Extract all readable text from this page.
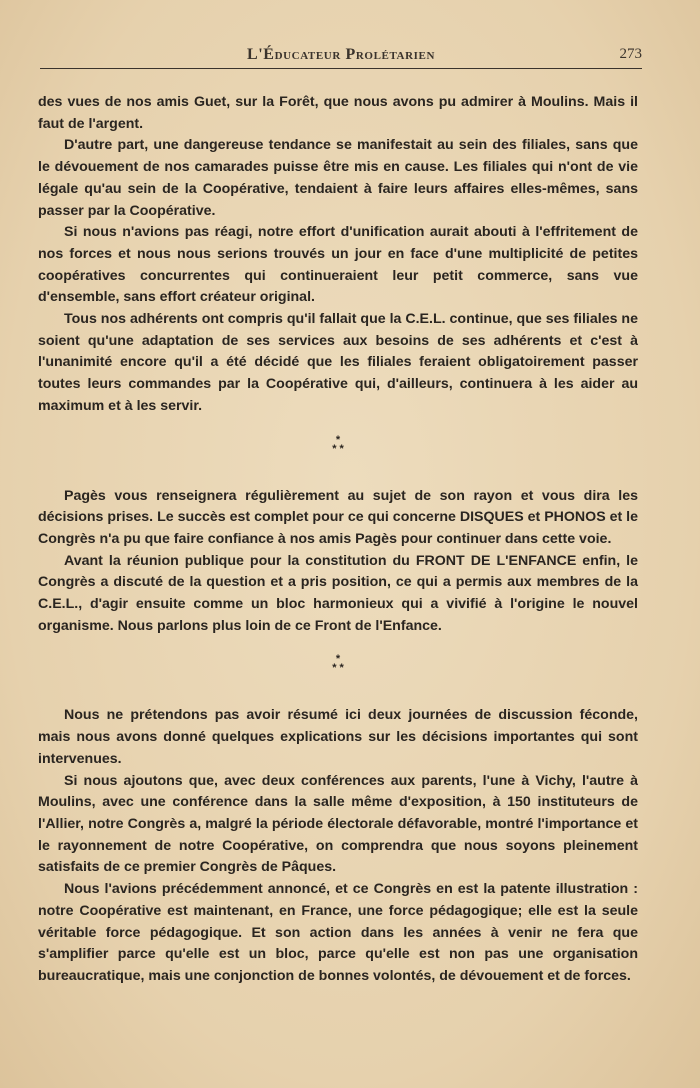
L'Éducateur Prolétarien	273

des vues de nos amis Guet, sur la Forêt, que nous avons pu admirer à Moulins. Mais il faut de l'argent.

D'autre part, une dangereuse tendance se manifestait au sein des filiales, sans que le dévouement de nos camarades puisse être mis en cause. Les filiales qui n'ont de vie légale qu'au sein de la Coopérative, tendaient à faire leurs affaires elles-mêmes, sans passer par la Coopérative.

Si nous n'avions pas réagi, notre effort d'unification aurait abouti à l'effritement de nos forces et nous nous serions trouvés un jour en face d'une multiplicité de petites coopératives concurrentes qui continueraient leur petit commerce, sans vue d'ensemble, sans effort créateur original.

Tous nos adhérents ont compris qu'il fallait que la C.E.L. continue, que ses filiales ne soient qu'une adaptation de ses services aux besoins de ses adhérents et c'est à l'unanimité encore qu'il a été décidé que les filiales feraient obligatoirement passer toutes leurs commandes par la Coopérative qui, d'ailleurs, continuera à les aider au maximum et à les servir.

*
* *

Pagès vous renseignera régulièrement au sujet de son rayon et vous dira les décisions prises. Le succès est complet pour ce qui concerne DISQUES et PHONOS et le Congrès n'a pu que faire confiance à nos amis Pagès pour continuer dans cette voie.

Avant la réunion publique pour la constitution du FRONT DE L'ENFANCE enfin, le Congrès a discuté de la question et a pris position, ce qui a permis aux membres de la C.E.L., d'agir ensuite comme un bloc harmonieux qui a vivifié à l'origine le nouvel organisme. Nous parlons plus loin de ce Front de l'Enfance.

*
* *

Nous ne prétendons pas avoir résumé ici deux journées de discussion féconde, mais nous avons donné quelques explications sur les décisions importantes qui sont intervenues.

Si nous ajoutons que, avec deux conférences aux parents, l'une à Vichy, l'autre à Moulins, avec une conférence dans la salle même d'exposition, à 150 instituteurs de l'Allier, notre Congrès a, malgré la période électorale défavorable, montré l'importance et le rayonnement de notre Coopérative, on comprendra que nous soyons pleinement satisfaits de ce premier Congrès de Pâques.

Nous l'avions précédemment annoncé, et ce Congrès en est la patente illustration : notre Coopérative est maintenant, en France, une force pédagogique; elle est la seule véritable force pédagogique. Et son action dans les années à venir ne fera que s'amplifier parce qu'elle est un bloc, parce qu'elle est non pas une organisation bureaucratique, mais une conjonction de bonnes volontés, de dévouement et de forces.
